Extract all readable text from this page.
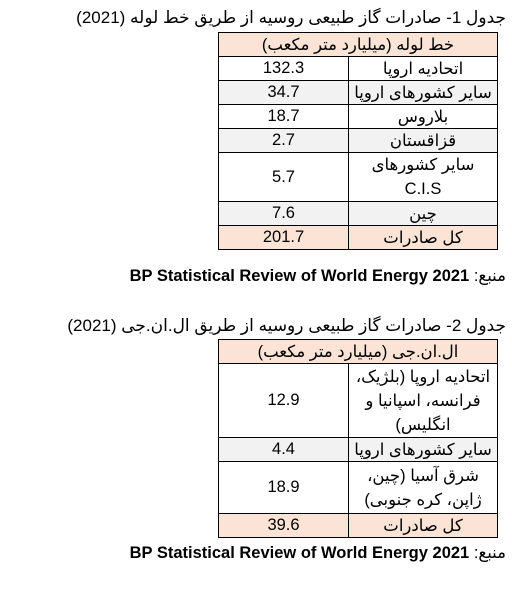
جدول 1- صادرات گاز طبیعی روسیه از طریق خط لوله (2021)
خط لوله (میلیارد متر مکعب)	
اتحادیه اروپا	132.3
سایر کشورهای اروپا	34.7
بلاروس	18.7
قزاقستان	2.7
سایر کشورهای C.I.S	5.7
چین	7.6
کل صادرات	201.7
منبع: BP Statistical Review of World Energy 2021
جدول 2- صادرات گاز طبیعی روسیه از طریق ال.ان.جی (2021)
ال.ان.جی (میلیارد متر مکعب)	
اتحادیه اروپا (بلژیک، فرانسه، اسپانیا و انگلیس)	12.9
سایر کشورهای اروپا	4.4
شرق آسیا (چین، ژاپن، کره جنوبی)	18.9
کل صادرات	39.6
منبع: BP Statistical Review of World Energy 2021
